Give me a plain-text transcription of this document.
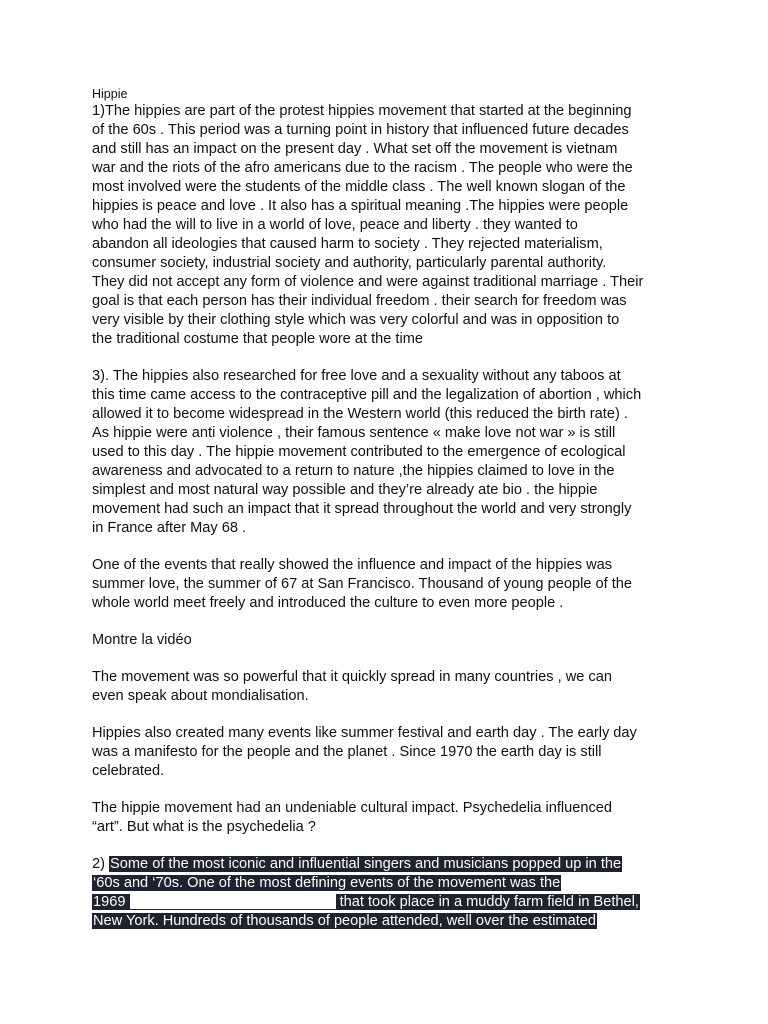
Hippie

1)The hippies are part of the protest hippies movement that started at the beginning
of the 60s . This period was a turning point in history that influenced future decades
and still has an impact on the present day . What set off the movement is vietnam
war and the riots of the afro americans due to the racism . The people who were the
most involved were the students of the middle class . The well known slogan of the
hippies is peace and love . It also has a spiritual meaning .The hippies were people
who had the will to live in a world of love, peace and liberty . they wanted to
abandon all ideologies that caused harm to society . They rejected materialism,
consumer society, industrial society and authority, particularly parental authority.
They did not accept any form of violence and were against traditional marriage . Their
goal is that each person has their individual freedom . their search for freedom was
very visible by their clothing style which was very colorful and was in opposition to
the traditional costume that people wore at the time
3). The hippies also researched for free love and a sexuality without any taboos at
this time came access to the contraceptive pill and the legalization of abortion , which
allowed it to become widespread in the Western world (this reduced the birth rate) .
As hippie were anti violence , their famous sentence « make love not war » is still
used to this day . The hippie movement contributed to the emergence of ecological
awareness and advocated to a return to nature ,the hippies claimed to love in the
simplest and most natural way possible and they’re already ate bio . the hippie
movement had such an impact that it spread throughout the world and very strongly
in France after May 68 .
One of the events that really showed the influence and impact of the hippies was
summer love, the summer of 67 at San Francisco. Thousand of young people of the
whole world meet freely and introduced the culture to even more people .
Montre la vidéo
The movement was so powerful that it quickly spread in many countries , we can
even speak about mondialisation.
Hippies also created many events like summer festival and earth day . The early day
was a manifesto for the people and the planet . Since 1970 the earth day is still
celebrated.
The hippie movement had an undeniable cultural impact. Psychedelia influenced
“art”. But what is the psychedelia ?
2) Some of the most iconic and influential singers and musicians popped up in the
‘60s and ‘70s. One of the most defining events of the movement was the
1969	that took place in a muddy farm field in Bethel,
New York. Hundreds of thousands of people attended, well over the estimated
